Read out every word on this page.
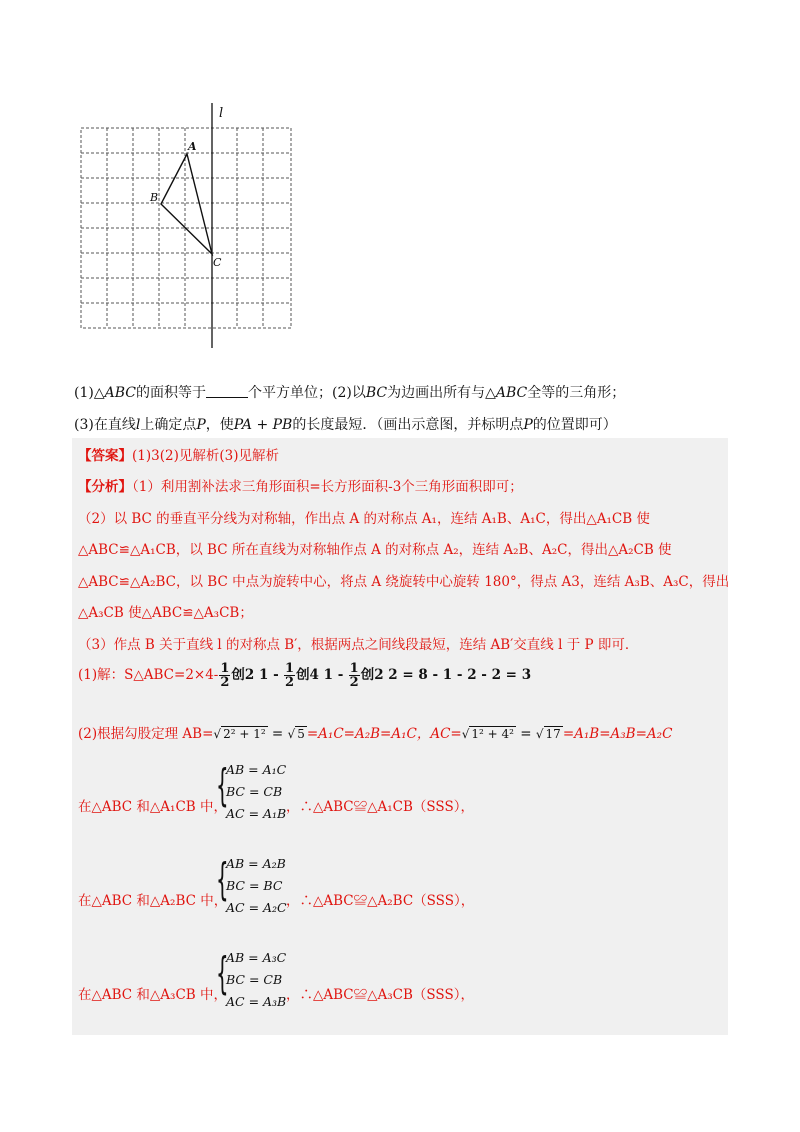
l
A
B
C
(1)△ABC的面积等于	个平方单位；(2)以BC为边画出所有与△ABC全等的三角形；
(3)在直线l上确定点P，使PA + PB的长度最短．（画出示意图，并标明点P的位置即可）
【答案】(1)3(2)见解析(3)见解析
【分析】（1）利用割补法求三角形面积=长方形面积-3个三角形面积即可；
（2）以 BC 的垂直平分线为对称轴，作出点 A 的对称点 A₁，连结 A₁B、A₁C，得出△A₁CB 使
△ABC≌△A₁CB，以 BC 所在直线为对称轴作点 A 的对称点 A₂，连结 A₂B、A₂C，得出△A₂CB 使
△ABC≌△A₂BC，以 BC 中点为旋转中心，将点 A 绕旋转中心旋转 180°，得点 A3，连结 A₃B、A₃C，得出
△A₃CB 使△ABC≌△A₃CB；
（3）作点 B 关于直线 l 的对称点 B′，根据两点之间线段最短，连结 AB′交直线 l 于 P 即可．
(1)解：S△ABC=2×4- $\frac{1}{2}$ 创2 $1 - \frac{1}{2}$ 创4 $1 - \frac{1}{2}$ 创2 2 = 8 - 1 - 2 - 2 = 3
(2)根据勾股定理 AB=√ 2² + 1² = √ 5 =A₁C=A₂B=A₁C，AC=√ 1² + 4² = √ 17 =A₁B=A₃B=A₂C
在△ABC 和△A₁CB 中，
{
AB = A₁C
BC = CB
AC = A₁B ，∴△ABC≌△A₁CB（SSS），
在△ABC 和△A₂BC 中，
{
AB = A₂B
BC = BC
AC = A₂C ，∴△ABC≌△A₂BC（SSS），
在△ABC 和△A₃CB 中，
{
AB = A₃C
BC = CB
AC = A₃B ，∴△ABC≌△A₃CB（SSS），
